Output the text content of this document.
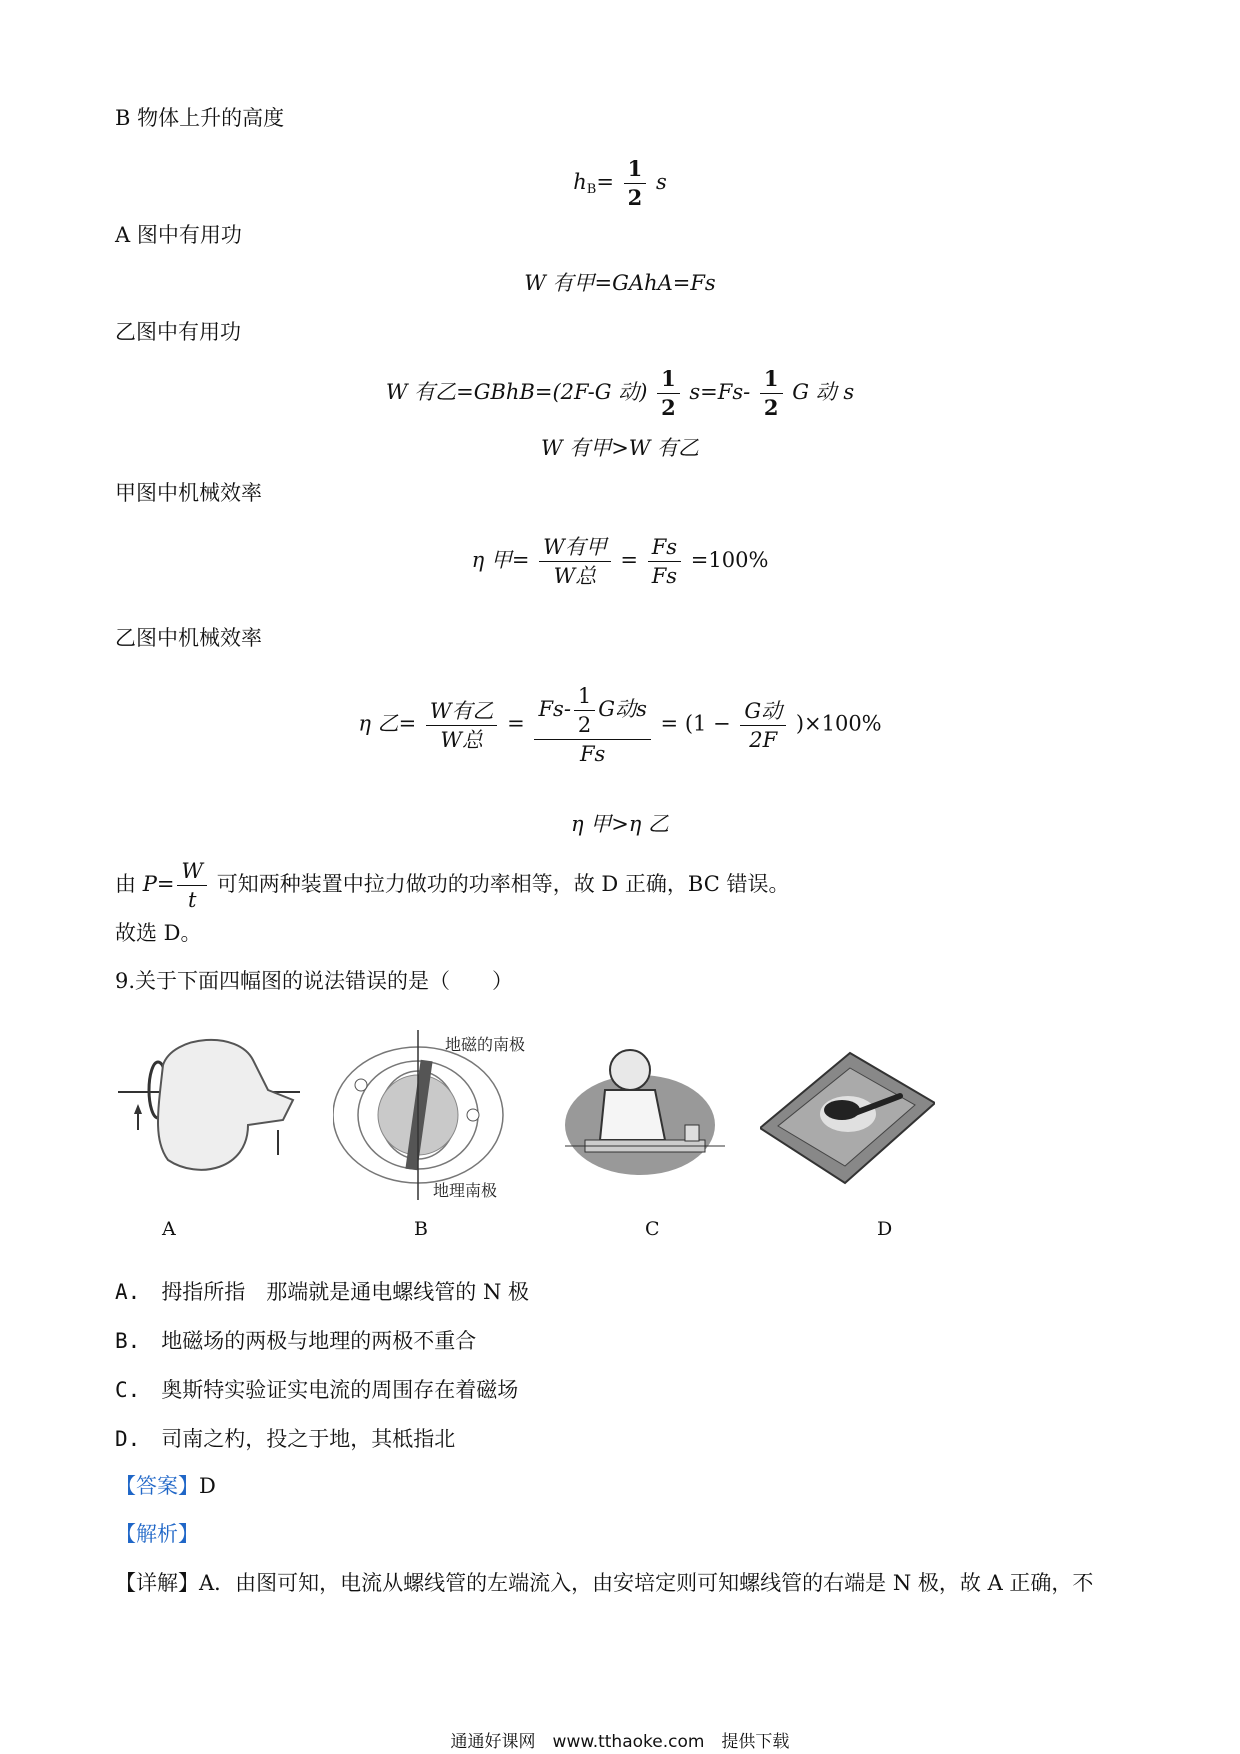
B 物体上升的高度
$h_B= \frac{1}{2}$ s
A 图中有用功
W 有甲=GAhA=Fs
乙图中有用功
W 有乙=GBhB=(2F-G 动) $\frac{1}{2} s=Fs- \frac{1}{2}$ G 动 s
W 有甲>W 有乙
甲图中机械效率
η 甲= $\frac{\text{W有甲}}{\text{W总}} = \frac{Fs}{Fs} =100\%$
乙图中机械效率
η 乙= $\frac{\text{W有乙}}{\text{W总}} = \frac{Fs- \frac{1}{2} G动s}{Fs} = (1 - \frac{\text{G动}}{2F} )\times 100\%$
η 甲>η 乙
由 $P= \frac{W}{t}$ 可知两种装置中拉力做功的功率相等，故 D 正确，BC 错误。
故选 D。
9.关于下面四幅图的说法错误的是（　　）
地磁的南极
地理南极
A	B	C	D
A.　 拇指所指　那端就是通电螺线管的 N 极
B.　 地磁场的两极与地理的两极不重合
C.　 奥斯特实验证实电流的周围存在着磁场
D.　 司南之杓，投之于地，其柢指北
【答案】D
【解析】
【详解】A．由图可知，电流从螺线管的左端流入，由安培定则可知螺线管的右端是 N 极，故 A 正确，不
通通好课网　www.tthaoke.com　提供下载
